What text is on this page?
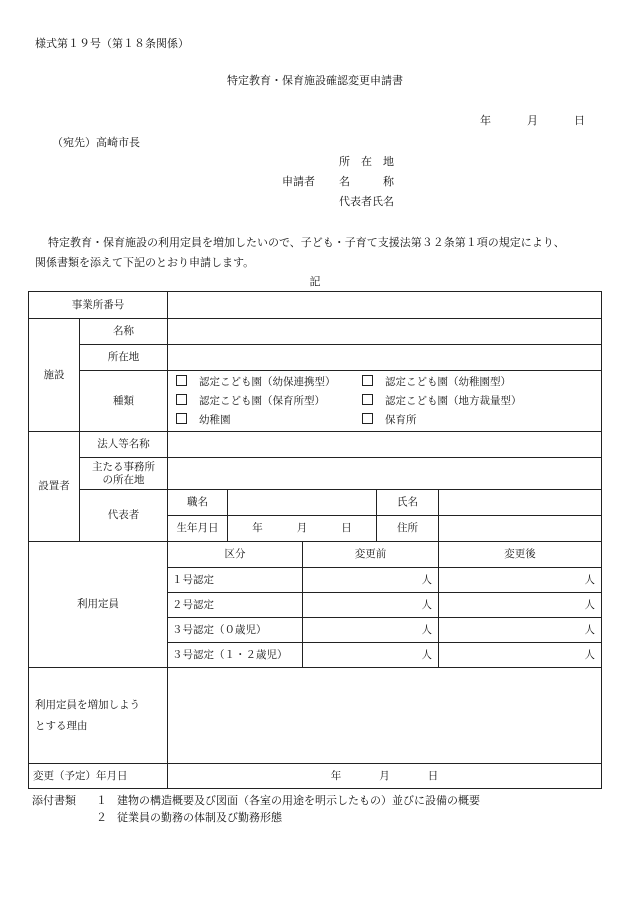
様式第１９号（第１８条関係）
特定教育・保育施設確認変更申請書
年	月	日
（宛先）高崎市長
所　在　地
申請者 名　　　称
代表者氏名
特定教育・保育施設の利用定員を増加したいので、子ども・子育て支援法第３２条第１項の規定により、
関係書類を添えて下記のとおり申請します。
記
事業所番号						
施設	名称					
	所在地					
	種類	認定こども園（幼保連携型） 認定こども園（幼稚園型）
認定こども園（保育所型） 認定こども園（地方裁量型）
幼稚園 保育所				

設置者	法人等名称					

	主たる事務所
の所在地					

	代表者	職名			氏名	
		生年月日	年 月 日		住所	
利用定員		区分		変更前		変更後
		１号認定		人		人
		２号認定		人		人
		３号認定（０歳児）		人		人
		３号認定（１・２歳児）		人		人

利用定員を増加しよう
とする理由						

変更（予定）年月日		年 月 日				
添付書類 １ 建物の構造概要及び図面（各室の用途を明示したもの）並びに設備の概要
２ 従業員の勤務の体制及び勤務形態
